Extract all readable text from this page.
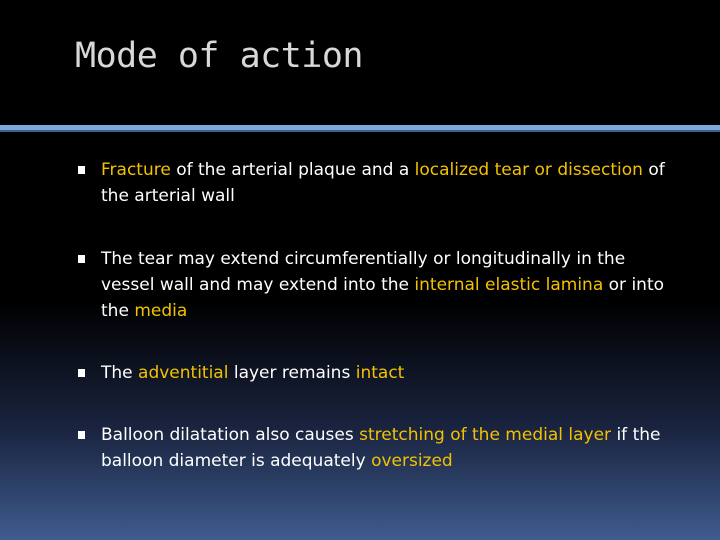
Mode of action
Fracture of the arterial plaque and a localized tear or dissection of the arterial wall
The tear may extend circumferentially or longitudinally in the vessel wall and may extend into the internal elastic lamina or into the media
The adventitial layer remains intact
Balloon dilatation also causes stretching of the medial layer if the balloon diameter is adequately oversized
